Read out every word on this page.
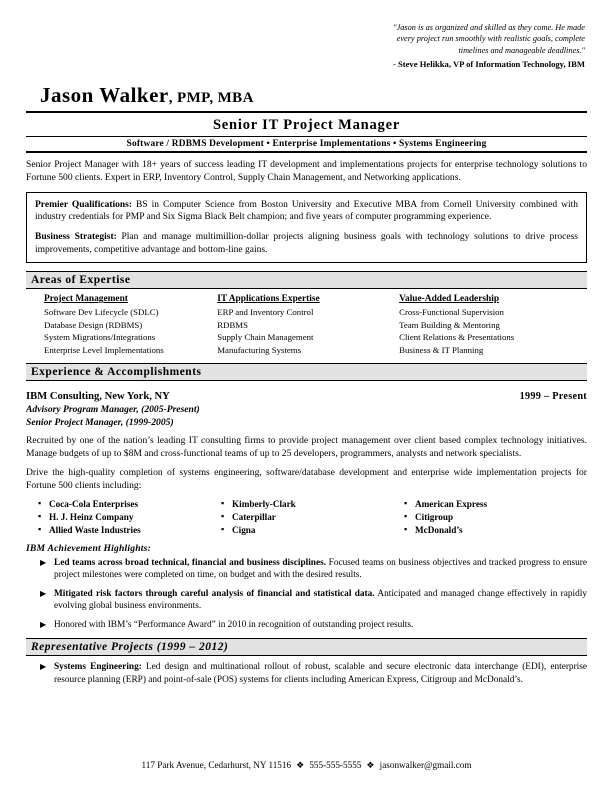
"Jason is as organized and skilled as they come. He made
every project run smoothly with realistic goals, complete
timelines and manageable deadlines."
- Steve Helikka, VP of Information Technology, IBM
Jason Walker, PMP, MBA
Senior IT Project Manager
Software / RDBMS Development • Enterprise Implementations • Systems Engineering
Senior Project Manager with 18+ years of success leading IT development and implementations projects for enterprise technology solutions to Fortune 500 clients. Expert in ERP, Inventory Control, Supply Chain Management, and Networking applications.

Premier Qualifications: BS in Computer Science from Boston University and Executive MBA from Cornell University combined with industry credentials for PMP and Six Sigma Black Belt champion; and five years of computer programming experience.

Business Strategist: Plan and manage multimillion-dollar projects aligning business goals with technology solutions to drive process improvements, competitive advantage and bottom-line gains.

Areas of Expertise
Project Management
Software Dev Lifecycle (SDLC)
Database Design (RDBMS)
System Migrations/Integrations
Enterprise Level Implementations
IT Applications Expertise
ERP and Inventory Control
RDBMS
Supply Chain Management
Manufacturing Systems
Value-Added Leadership
Cross-Functional Supervision
Team Building & Mentoring
Client Relations & Presentations
Business & IT Planning
Experience & Accomplishments
IBM Consulting, New York, NY	1999 – Present
Advisory Program Manager, (2005-Present)
Senior Project Manager, (1999-2005)
Recruited by one of the nation’s leading IT consulting firms to provide project management over client based complex technology initiatives. Manage budgets of up to $8M and cross-functional teams of up to 25 developers, programmers, analysts and network specialists.
Drive the high-quality completion of systems engineering, software/database development and enterprise wide implementation projects for Fortune 500 clients including:
▪ Coca-Cola Enterprises
▪ H. J. Heinz Company
▪ Allied Waste Industries
▪ Kimberly-Clark
▪ Caterpillar
▪ Cigna
▪ American Express
▪ Citigroup
▪ McDonald’s
IBM Achievement Highlights:
▶ Led teams across broad technical, financial and business disciplines. Focused teams on business objectives and tracked progress to ensure project milestones were completed on time, on budget and with the desired results.
▶ Mitigated risk factors through careful analysis of financial and statistical data. Anticipated and managed change effectively in rapidly evolving global business environments.
▶ Honored with IBM’s “Performance Award” in 2010 in recognition of outstanding project results.
Representative Projects (1999 – 2012)
▶ Systems Engineering: Led design and multinational rollout of robust, scalable and secure electronic data interchange (EDI), enterprise resource planning (ERP) and point-of-sale (POS) systems for clients including American Express, Citigroup and McDonald’s.
117 Park Avenue, Cedarhurst, NY 11516 ❖ 555-555-5555 ❖ jasonwalker@gmail.com
